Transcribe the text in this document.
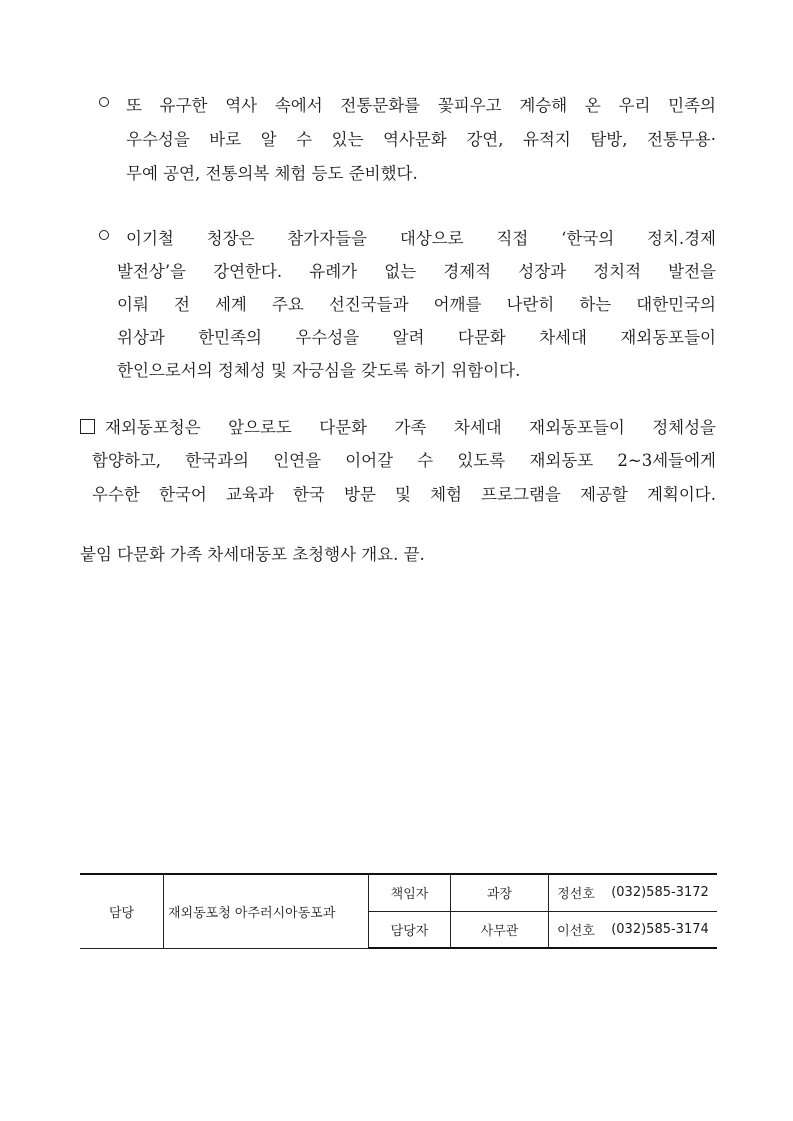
또 유구한 역사 속에서 전통문화를 꽃피우고 계승해 온 우리 민족의
우수성을 바로 알 수 있는 역사문화 강연, 유적지 탐방, 전통무용·
무예 공연, 전통의복 체험 등도 준비했다.
이기철 청장은 참가자들을 대상으로 직접 ‘한국의 정치.경제
발전상’을 강연한다. 유례가 없는 경제적 성장과 정치적 발전을
이뤄 전 세계 주요 선진국들과 어깨를 나란히 하는 대한민국의
위상과 한민족의 우수성을 알려 다문화 차세대 재외동포들이
한인으로서의 정체성 및 자긍심을 갖도록 하기 위함이다.
재외동포청은 앞으로도 다문화 가족 차세대 재외동포들이 정체성을
함양하고, 한국과의 인연을 이어갈 수 있도록 재외동포 2~3세들에게
우수한 한국어 교육과 한국 방문 및 체험 프로그램을 제공할 계획이다.
붙임 다문화 가족 차세대동포 초청행사 개요. 끝.
담당	재외동포청 아주러시아동포과	책임자	과장	정선호	(032)585-3172
		담당자	사무관	이선호	(032)585-3174
